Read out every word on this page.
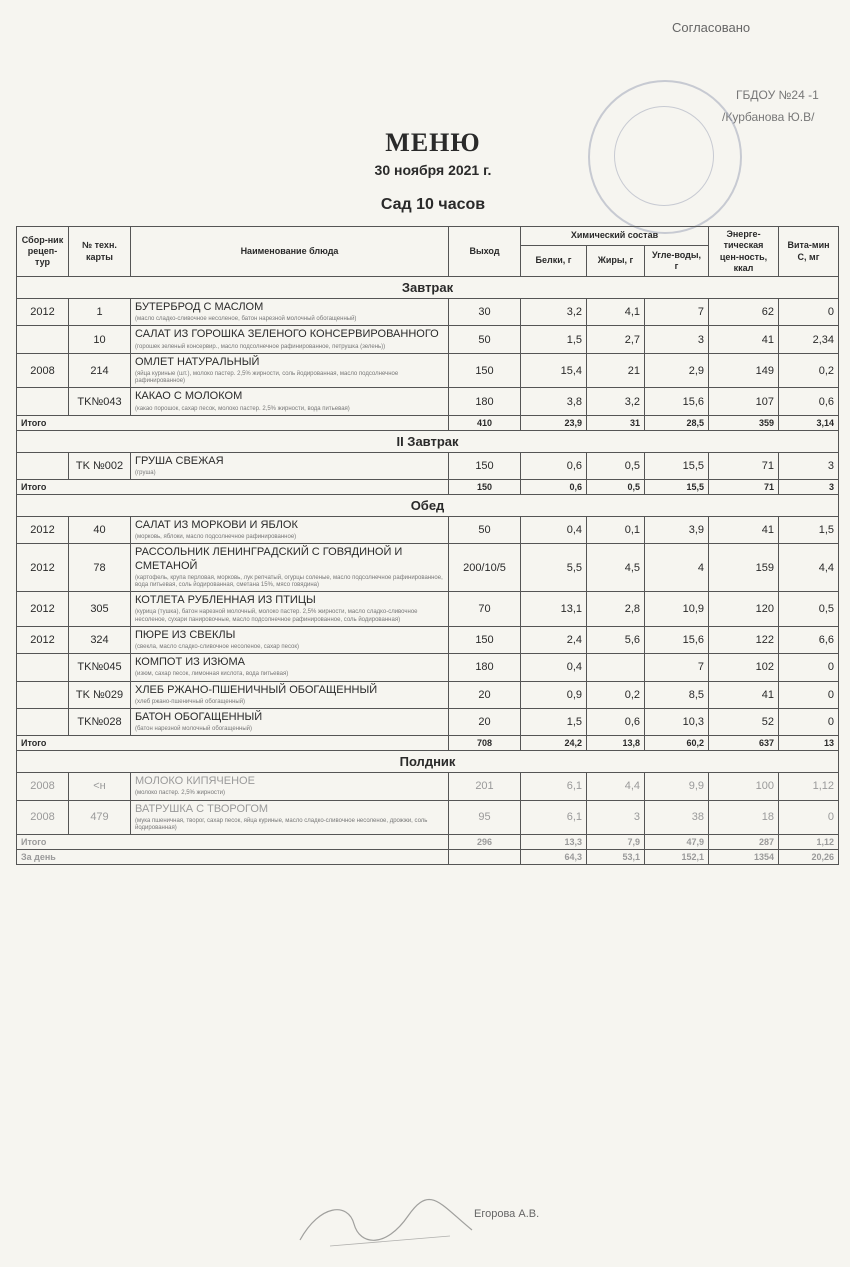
Согласовано
ГБДОУ №24 -1
/Курбанова Ю.В/
МЕНЮ
30 ноября 2021 г.
Сад 10 часов
Сбор-ник рецеп-тур	№ техн. карты	Наименование блюда	Выход	Химический состав			Энерге-тическая цен-ность, ккал	Вита-мин С, мг
				Белки, г	Жиры, г	Угле-воды, г		
Завтрак								
2012	1	БУТЕРБРОД С МАСЛОМ
(масло сладко-сливочное несоленое, батон нарезной молочный обогащенный)	30	3,2	4,1	7	62	0
	10	САЛАТ ИЗ ГОРОШКА ЗЕЛЕНОГО КОНСЕРВИРОВАННОГО
(горошек зеленый консервир., масло подсолнечное рафинированное, петрушка (зелень))	50	1,5	2,7	3	41	2,34
2008	214	ОМЛЕТ НАТУРАЛЬНЫЙ
(яйца куриные (шт.), молоко пастер. 2,5% жирности, соль йодированная, масло подсолнечное рафинированное)	150	15,4	21	2,9	149	0,2
	TK№043	КАКАО С МОЛОКОМ
(какао порошок, сахар песок, молоко пастер. 2,5% жирности, вода питьевая)	180	3,8	3,2	15,6	107	0,6
Итого			410	23,9	31	28,5	359	3,14
II Завтрак								
	TK №002	ГРУША СВЕЖАЯ
(груша)	150	0,6	0,5	15,5	71	3
Итого			150	0,6	0,5	15,5	71	3
Обед								
2012	40	САЛАТ ИЗ МОРКОВИ И ЯБЛОК
(морковь, яблоки, масло подсолнечное рафинированное)	50	0,4	0,1	3,9	41	1,5
2012	78	РАССОЛЬНИК ЛЕНИНГРАДСКИЙ С ГОВЯДИНОЙ И СМЕТАНОЙ
(картофель, крупа перловая, морковь, лук репчатый, огурцы соленые, масло подсолнечное рафинированное, вода питьевая, соль йодированная, сметана 15%, мясо говядина)	200/10/5	5,5	4,5	4	159	4,4
2012	305	КОТЛЕТА РУБЛЕННАЯ ИЗ ПТИЦЫ
(курица (тушка), батон нарезной молочный, молоко пастер. 2,5% жирности, масло сладко-сливочное несоленое, сухари панировочные, масло подсолнечное рафинированное, соль йодированная)	70	13,1	2,8	10,9	120	0,5
2012	324	ПЮРЕ ИЗ СВЕКЛЫ
(свекла, масло сладко-сливочное несоленое, сахар песок)	150	2,4	5,6	15,6	122	6,6
	TK№045	КОМПОТ ИЗ ИЗЮМА
(изюм, сахар песок, лимонная кислота, вода питьевая)	180	0,4		7	102	0
	TK №029	ХЛЕБ РЖАНО-ПШЕНИЧНЫЙ ОБОГАЩЕННЫЙ
(хлеб ржано-пшеничный обогащенный)	20	0,9	0,2	8,5	41	0
	TK№028	БАТОН ОБОГАЩЕННЫЙ
(батон нарезной молочный обогащенный)	20	1,5	0,6	10,3	52	0
Итого			708	24,2	13,8	60,2	637	13
Полдник								
2008	<н	МОЛОКО КИПЯЧЕНОЕ
(молоко пастер. 2,5% жирности)	201	6,1	4,4	9,9	100	1,12
2008	479	ВАТРУШКА С ТВОРОГОМ
(мука пшеничная, творог, сахар песок, яйца куриные, масло сладко-сливочное несоленое, дрожжи, соль йодированная)	95	6,1	3	38	18	0
Итого			296	13,3	7,9	47,9	287	1,12
За день				64,3	53,1	152,1	1354	20,26
Егорова А.В.
